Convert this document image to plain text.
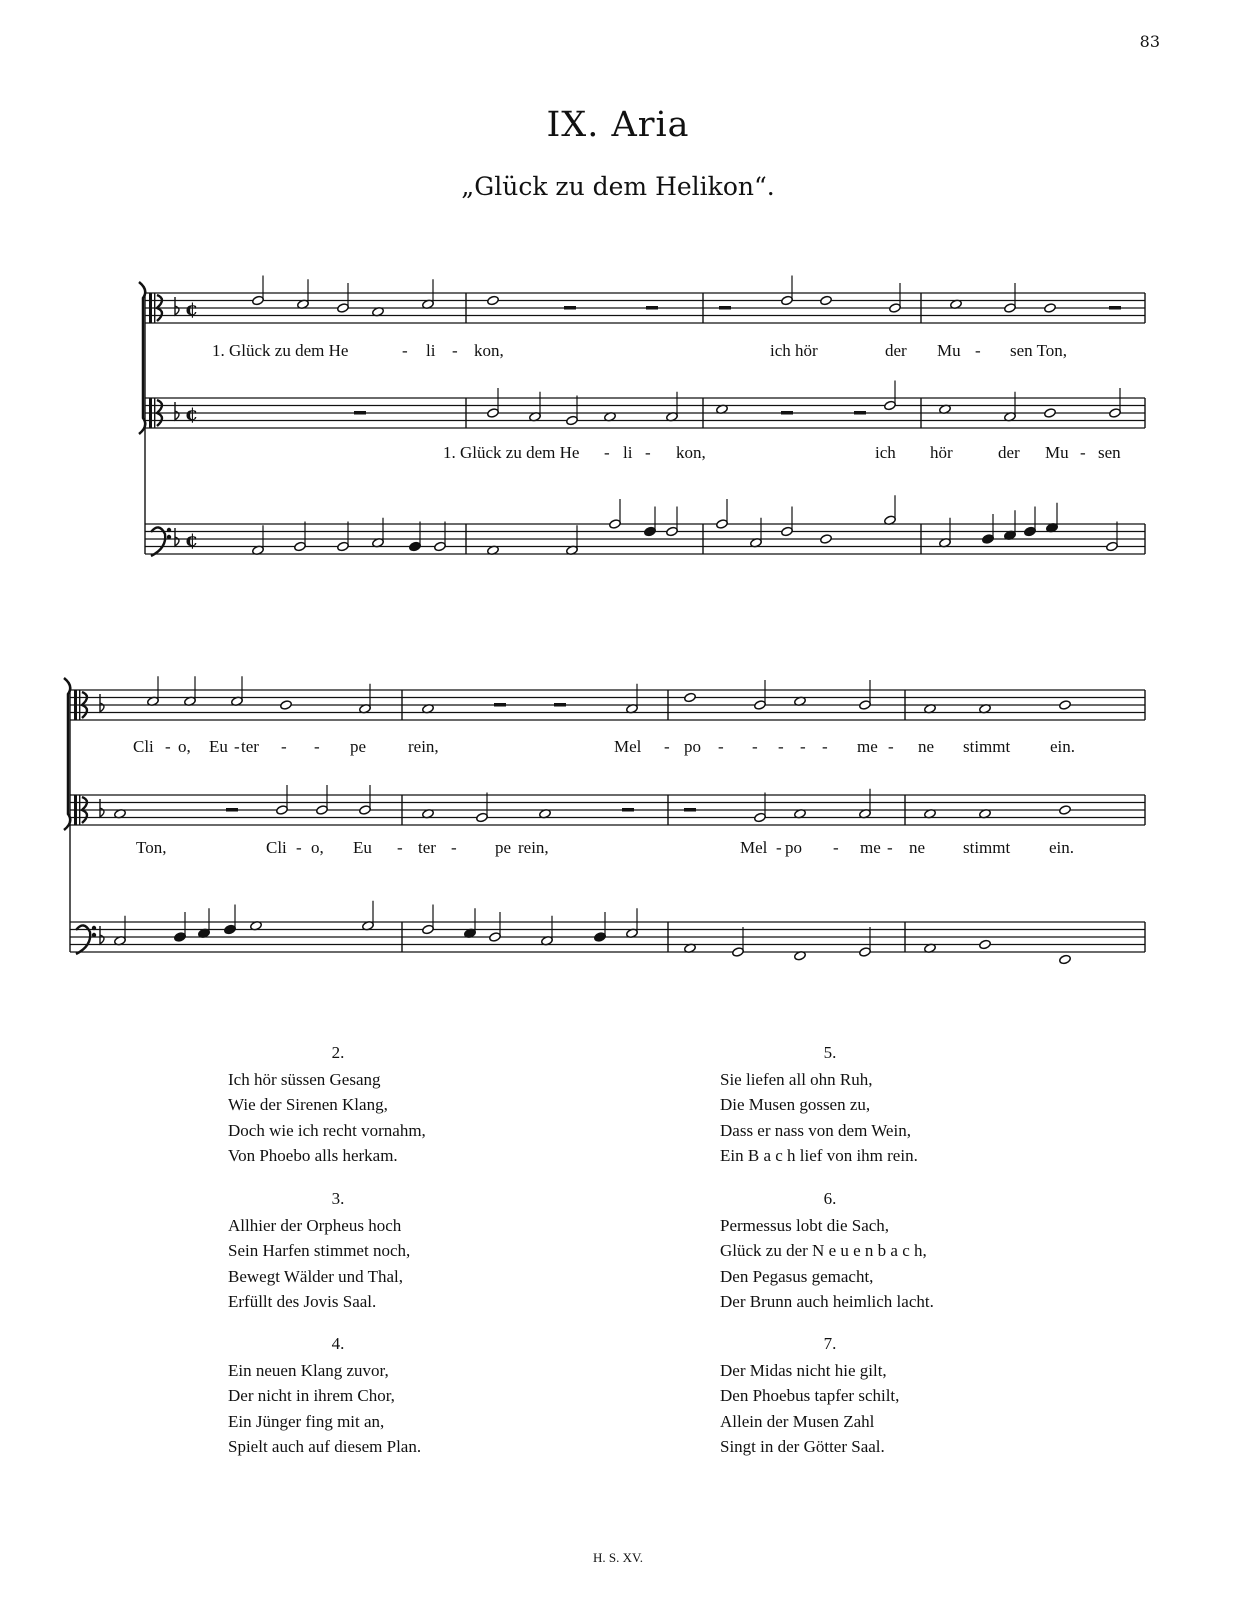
83
IX. Aria
„Glück zu dem Helikon“.
¢
¢
¢
1. Glück zu dem He	- li - kon,	ich hör	der Mu - sen Ton,
1. Glück zu dem He - li - kon,	ich hör	der Mu - sen
Cli - o, Eu - ter - - pe rein,	Mel - po - - - - - me - ne stimmt ein.
Ton,	Cli - o, Eu - ter - pe rein,	Mel - po - me - ne stimmt ein.
2.
Ich hör süssen Gesang
Wie der Sirenen Klang,
Doch wie ich recht vornahm,
Von Phoebo alls herkam.
3.
Allhier der Orpheus hoch
Sein Harfen stimmet noch,
Bewegt Wälder und Thal,
Erfüllt des Jovis Saal.
4.
Ein neuen Klang zuvor,
Der nicht in ihrem Chor,
Ein Jünger fing mit an,
Spielt auch auf diesem Plan.
5.
Sie liefen all ohn Ruh,
Die Musen gossen zu,
Dass er nass von dem Wein,
Ein B a c h lief von ihm rein.
6.
Permessus lobt die Sach,
Glück zu der N e u e n b a c h,
Den Pegasus gemacht,
Der Brunn auch heimlich lacht.
7.
Der Midas nicht hie gilt,
Den Phoebus tapfer schilt,
Allein der Musen Zahl
Singt in der Götter Saal.
H. S. XV.
